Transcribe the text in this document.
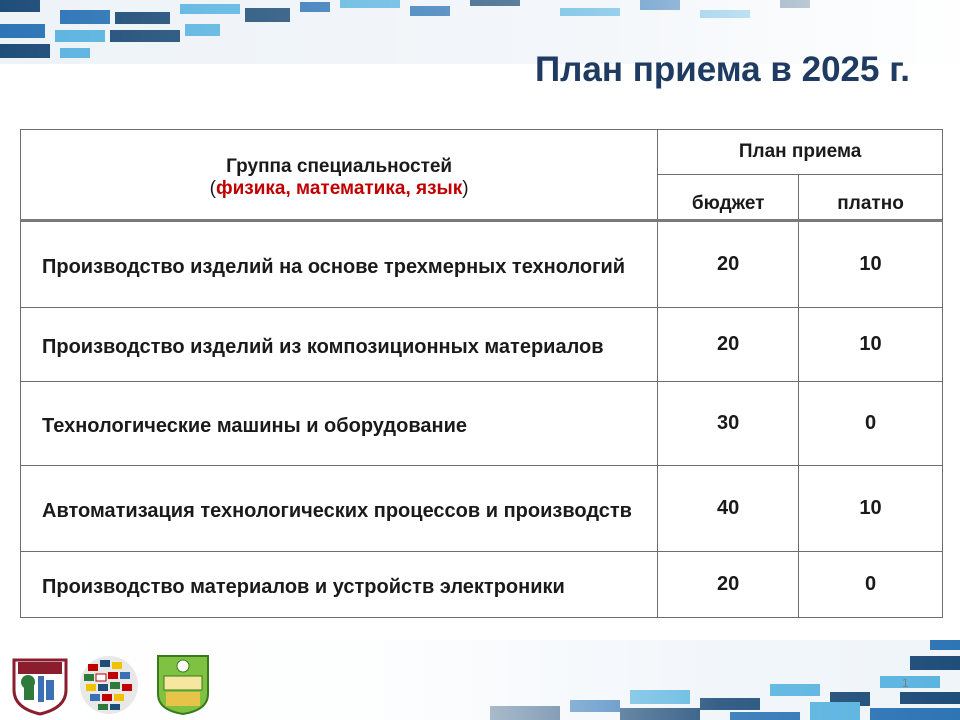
План приема в 2025 г.
Группа специальностей
(физика, математика, язык)	План приема	
	бюджет	платно
Производство изделий на основе трехмерных технологий	20	10
Производство изделий из композиционных материалов	20	10
Технологические машины и оборудование	30	0
Автоматизация технологических процессов и производств	40	10
Производство материалов и устройств электроники	20	0
1
